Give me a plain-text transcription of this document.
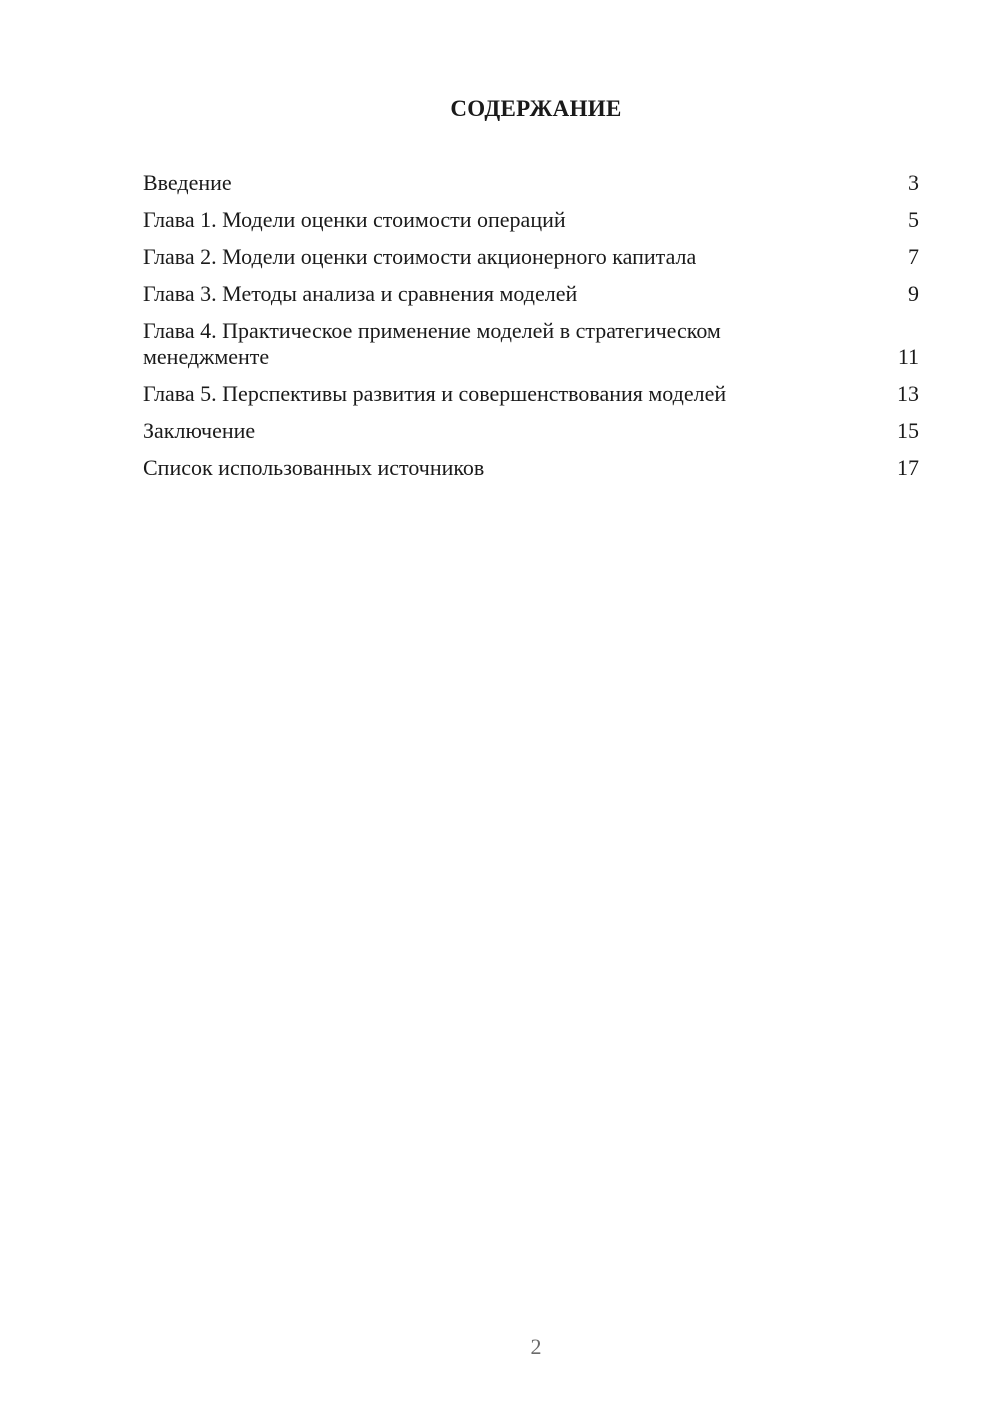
СОДЕРЖАНИЕ
Введение	3
Глава 1. Модели оценки стоимости операций	5
Глава 2. Модели оценки стоимости акционерного капитала	7
Глава 3. Методы анализа и сравнения моделей	9
Глава 4. Практическое применение моделей в стратегическом менеджменте	11
Глава 5. Перспективы развития и совершенствования моделей	13
Заключение	15
Список использованных источников	17
2
